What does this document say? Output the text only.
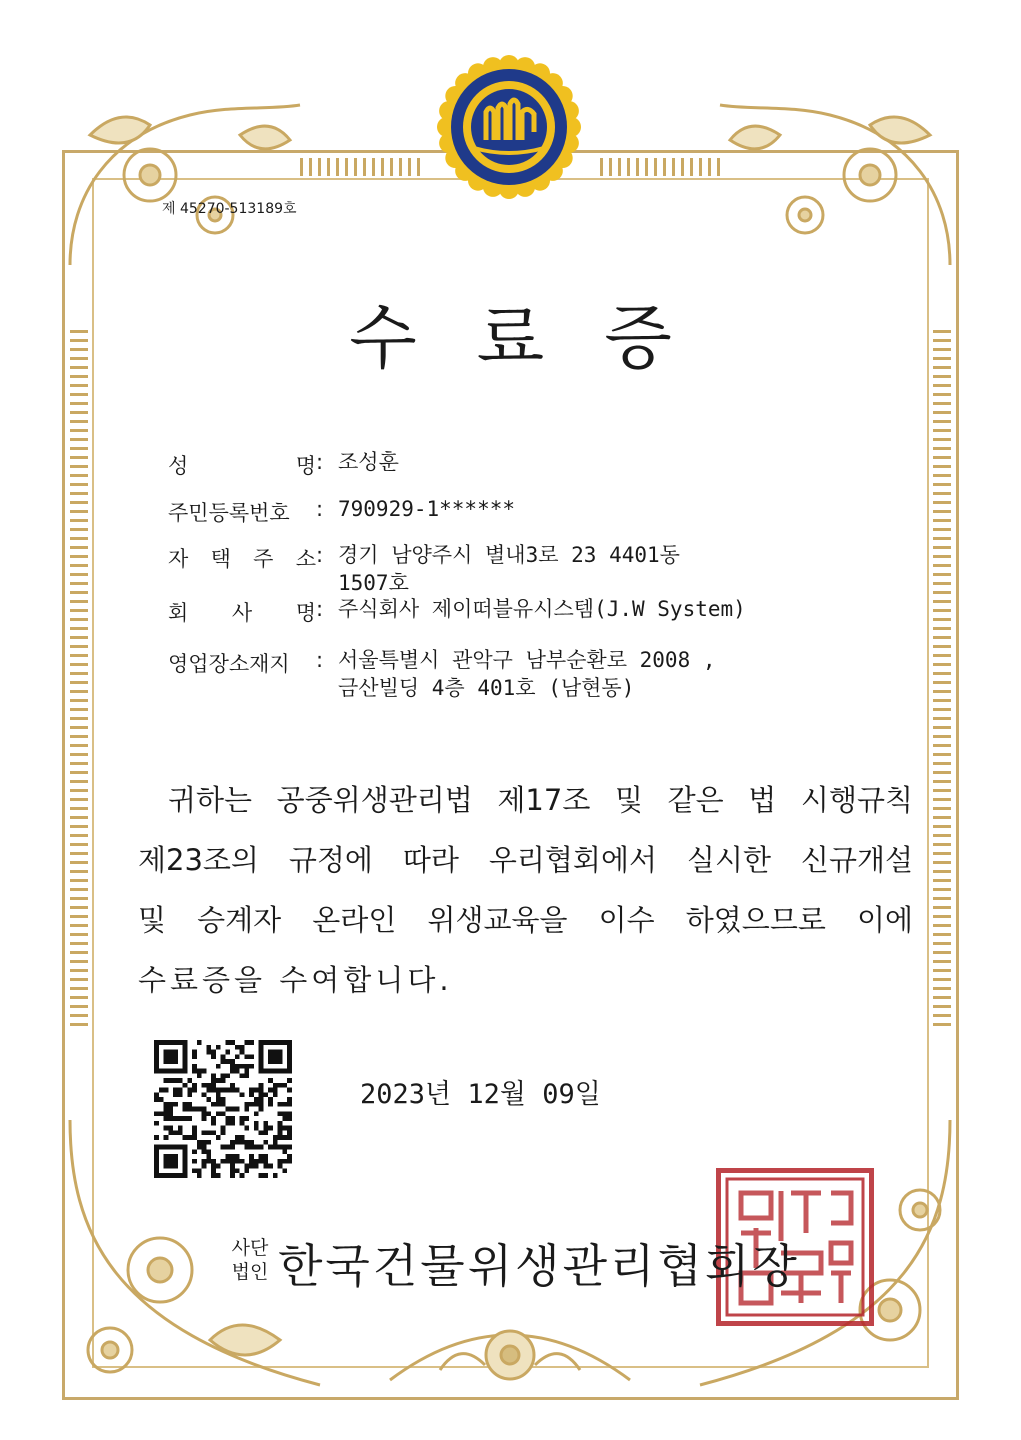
제 45270-513189호
수료증
성	명 : 조성훈
주민등록번호 : 790929-1******
자 택 주 소 : 경기 남양주시 별내3로 23 4401동
1507호
회 사 명 : 주식회사 제이떠블유시스템(J.W System)
영업장소재지 : 서울특별시 관악구 남부순환로 2008 ,
금산빌딩 4층 401호 (남현동)
귀하는 공중위생관리법 제17조 및 같은 법 시행규칙
제23조의 규정에 따라 우리협회에서 실시한 신규개설
및 승계자 온라인 위생교육을 이수 하였으므로 이에
수료증을 수여합니다.
2023년 12월 09일
사단
법인 한국건물위생관리협회장
